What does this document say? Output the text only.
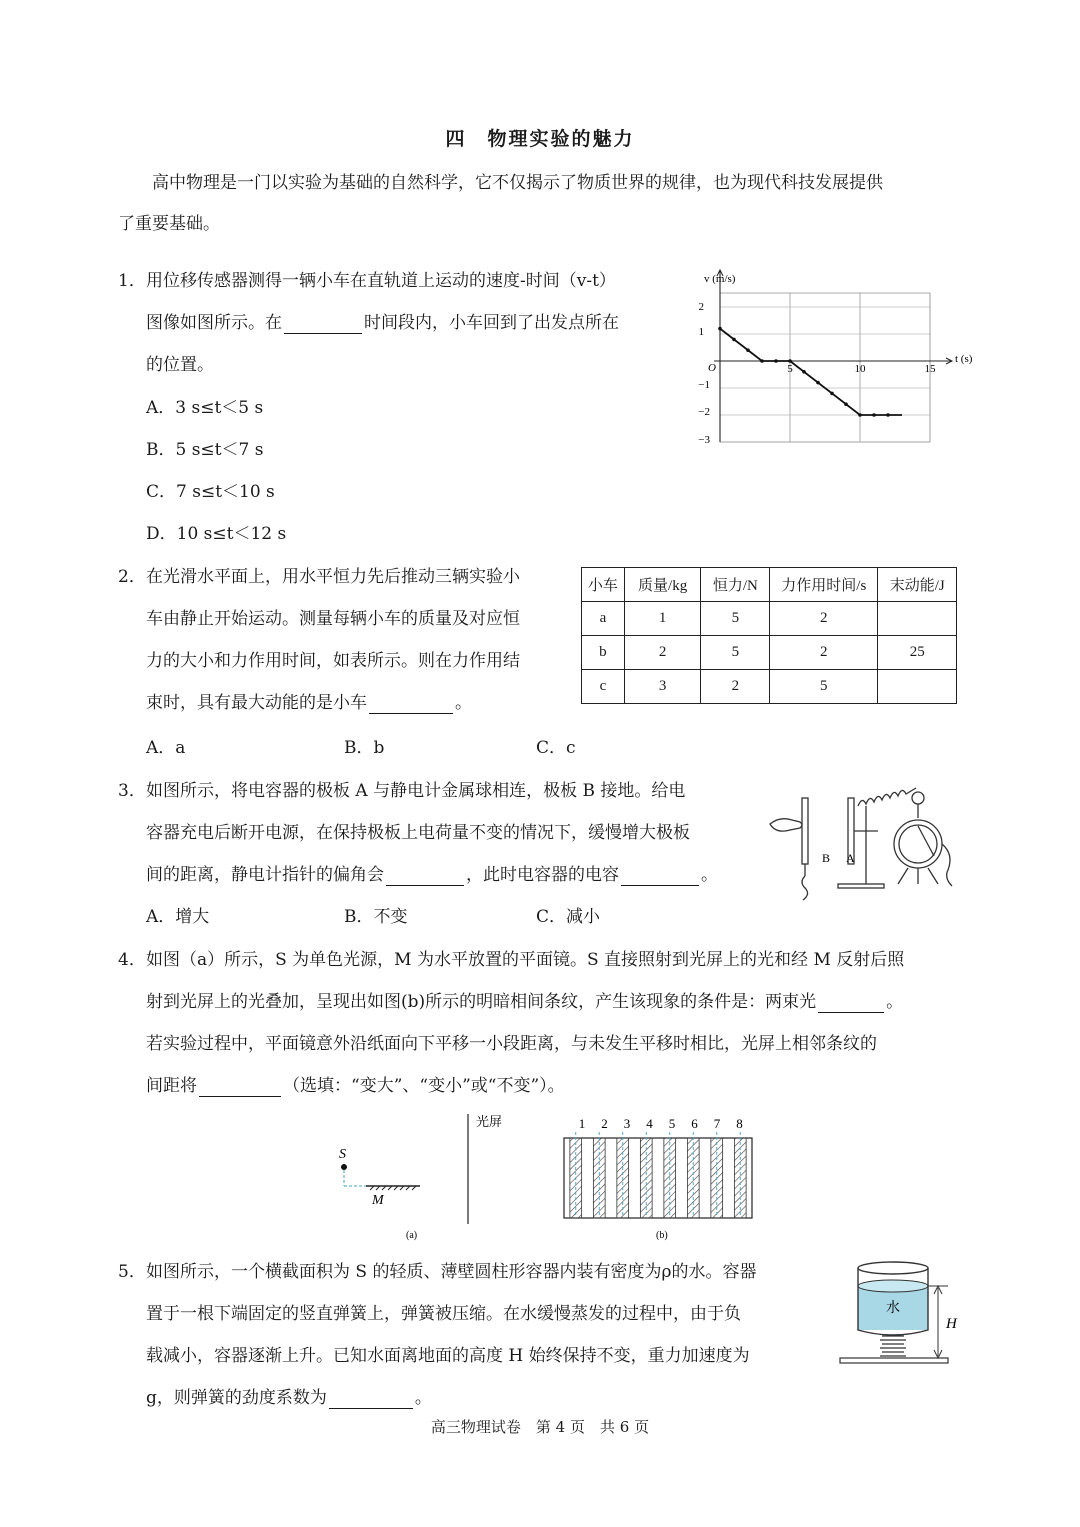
四　物理实验的魅力
高中物理是一门以实验为基础的自然科学，它不仅揭示了物质世界的规律，也为现代科技发展提供
了重要基础。
1． 用位移传感器测得一辆小车在直轨道上运动的速度-时间（v-t）
图像如图所示。在	时间段内，小车回到了出发点所在
的位置。
A．3 s≤t＜5 s
B．5 s≤t＜7 s
C．7 s≤t＜10 s
D．10 s≤t＜12 s
v (m/s)
t (s)
O
2
1
−1
−2
−3
5	10	15
2． 在光滑水平面上，用水平恒力先后推动三辆实验小
车由静止开始运动。测量每辆小车的质量及对应恒
力的大小和力作用时间，如表所示。则在力作用结
束时，具有最大动能的是小车	。
A．a	B．b	C．c
小车	质量/kg	恒力/N	力作用时间/s	末动能/J
a	1	5	2	
b	2	5	2	25
c	3	2	5	
3． 如图所示，将电容器的极板 A 与静电计金属球相连，极板 B 接地。给电
容器充电后断开电源，在保持极板上电荷量不变的情况下，缓慢增大极板
间的距离，静电计指针的偏角会	，此时电容器的电容	。
A．增大	B．不变	C．减小
B A
4． 如图（a）所示，S 为单色光源，M 为水平放置的平面镜。S 直接照射到光屏上的光和经 M 反射后照
射到光屏上的光叠加，呈现出如图(b)所示的明暗相间条纹，产生该现象的条件是：两束光	。
若实验过程中，平面镜意外沿纸面向下平移一小段距离，与未发生平移时相比，光屏上相邻条纹的
间距将	（选填：“变大”、“变小”或“不变”）。
S
M
光屏
(a)
1 2 3 4 5 6 7 8
(b)
5． 如图所示，一个横截面积为 S 的轻质、薄壁圆柱形容器内装有密度为ρ的水。容器
置于一根下端固定的竖直弹簧上，弹簧被压缩。在水缓慢蒸发的过程中，由于负
载减小，容器逐渐上升。已知水面离地面的高度 H 始终保持不变，重力加速度为
g，则弹簧的劲度系数为	。
水
H
高三物理试卷　第 4 页　共 6 页
